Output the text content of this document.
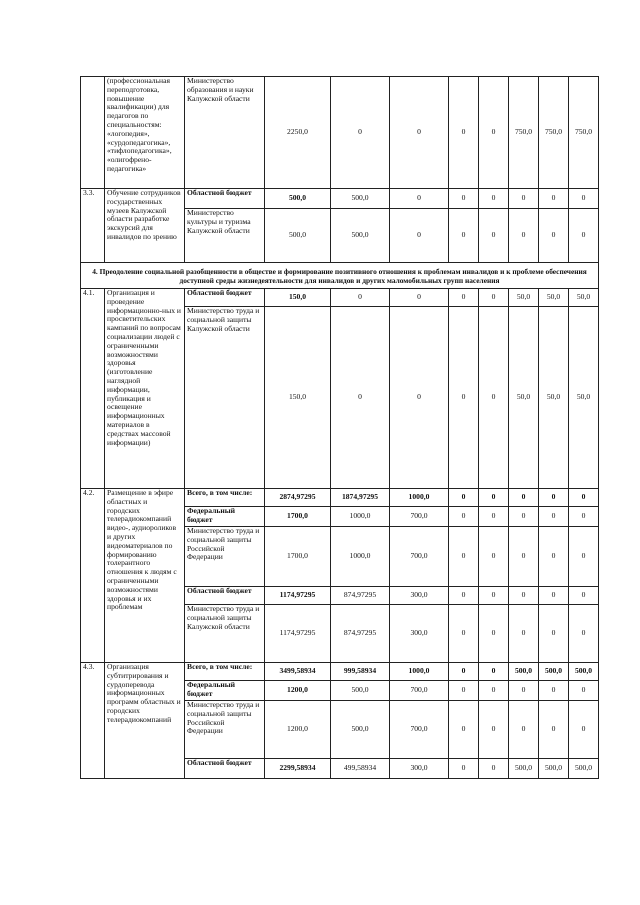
	(профессиональная переподготовка, повышение квалификации) для педагогов по специальностям: «логопедия», «сурдопедагогика», «тифлопедагогика», «олигофрено-педагогика»	Министерство образования и науки Калужской области	2250,0	0	0	0	0	750,0	750,0	750,0
3.3.	Обучение сотрудников государственных музеев Калужской области разработке экскурсий для инвалидов по зрению	Областной бюджет	500,0	500,0	0	0	0	0	0	0
		Министерство культуры и туризма Калужской области	500,0	500,0	0	0	0	0	0	0
4. Преодоление социальной разобщенности в обществе и формирование позитивного отношения к проблемам инвалидов и к проблеме обеспечения доступной среды жизнедеятельности для инвалидов и других маломобильных групп населения										
4.1.	Организация и проведение информационно-ных и просветительских кампаний по вопросам социализации людей с ограниченными возможностями здоровья (изготовление наглядной информации, публикация и освещение информационных материалов в средствах массовой информации)	Областной бюджет	150,0	0	0	0	0	50,0	50,0	50,0
		Министерство труда и социальной защиты Калужской области	150,0	0	0	0	0	50,0	50,0	50,0
4.2.	Размещение в эфире областных и городских телерадиокомпаний видео-, аудиороликов и других видеоматериалов по формированию толерантного отношения к людям с ограниченными возможностями здоровья и их проблемам	Всего, в том числе:	2874,97295	1874,97295	1000,0	0	0	0	0	0
		Федеральный бюджет	1700,0	1000,0	700,0	0	0	0	0	0
		Министерство труда и социальной защиты Российской Федерации	1700,0	1000,0	700,0	0	0	0	0	0
		Областной бюджет	1174,97295	874,97295	300,0	0	0	0	0	0
		Министерство труда и социальной защиты Калужской области	1174,97295	874,97295	300,0	0	0	0	0	0
4.3.	Организация субтитрирования и сурдоперевода информационных программ областных и городских телерадиокомпаний	Всего, в том числе:	3499,58934	999,58934	1000,0	0	0	500,0	500,0	500,0
		Федеральный бюджет	1200,0	500,0	700,0	0	0	0	0	0
		Министерство труда и социальной защиты Российской Федерации	1200,0	500,0	700,0	0	0	0	0	0
		Областной бюджет	2299,58934	499,58934	300,0	0	0	500,0	500,0	500,0
